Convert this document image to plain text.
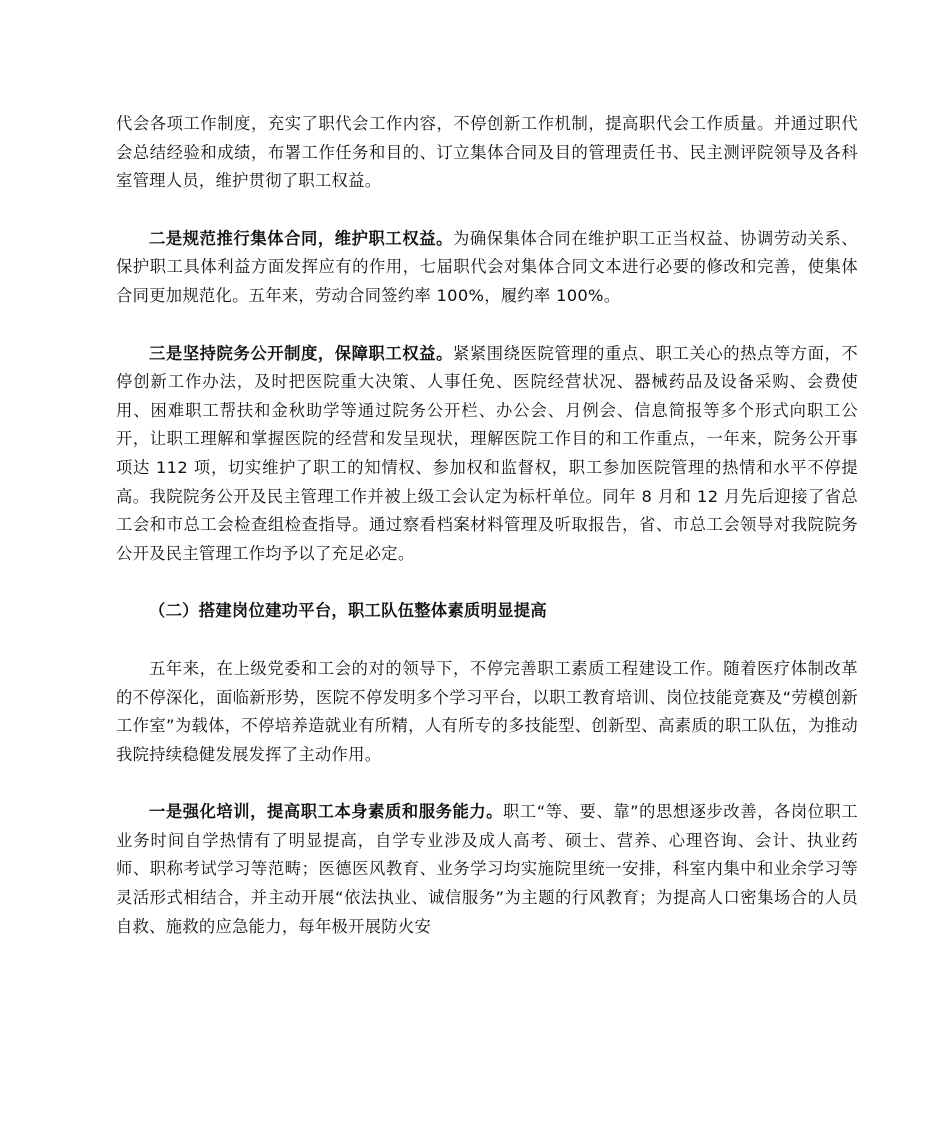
代会各项工作制度，充实了职代会工作内容，不停创新工作机制，提高职代会工作质量。并通过职代会总结经验和成绩，布署工作任务和目的、订立集体合同及目的管理责任书、民主测评院领导及各科室管理人员，维护贯彻了职工权益。

二是规范推行集体合同，维护职工权益。为确保集体合同在维护职工正当权益、协调劳动关系、保护职工具体利益方面发挥应有的作用，七届职代会对集体合同文本进行必要的修改和完善，使集体合同更加规范化。五年来，劳动合同签约率 100%，履约率 100%。

三是坚持院务公开制度，保障职工权益。紧紧围绕医院管理的重点、职工关心的热点等方面，不停创新工作办法，及时把医院重大决策、人事任免、医院经营状况、器械药品及设备采购、会费使用、困难职工帮扶和金秋助学等通过院务公开栏、办公会、月例会、信息简报等多个形式向职工公开，让职工理解和掌握医院的经营和发呈现状，理解医院工作目的和工作重点，一年来，院务公开事项达 112 项，切实维护了职工的知情权、参加权和监督权，职工参加医院管理的热情和水平不停提高。我院院务公开及民主管理工作并被上级工会认定为标杆单位。同年 8 月和 12 月先后迎接了省总工会和市总工会检查组检查指导。通过察看档案材料管理及听取报告，省、市总工会领导对我院院务公开及民主管理工作均予以了充足必定。

（二）搭建岗位建功平台，职工队伍整体素质明显提高

五年来，在上级党委和工会的对的领导下，不停完善职工素质工程建设工作。随着医疗体制改革的不停深化，面临新形势，医院不停发明多个学习平台，以职工教育培训、岗位技能竞赛及“劳模创新工作室”为载体，不停培养造就业有所精，人有所专的多技能型、创新型、高素质的职工队伍，为推动我院持续稳健发展发挥了主动作用。

一是强化培训，提高职工本身素质和服务能力。职工“等、要、靠”的思想逐步改善，各岗位职工业务时间自学热情有了明显提高，自学专业涉及成人高考、硕士、营养、心理咨询、会计、执业药师、职称考试学习等范畴；医德医风教育、业务学习均实施院里统一安排，科室内集中和业余学习等灵活形式相结合，并主动开展“依法执业、诚信服务”为主题的行风教育；为提高人口密集场合的人员自救、施救的应急能力，每年极开展防火安
